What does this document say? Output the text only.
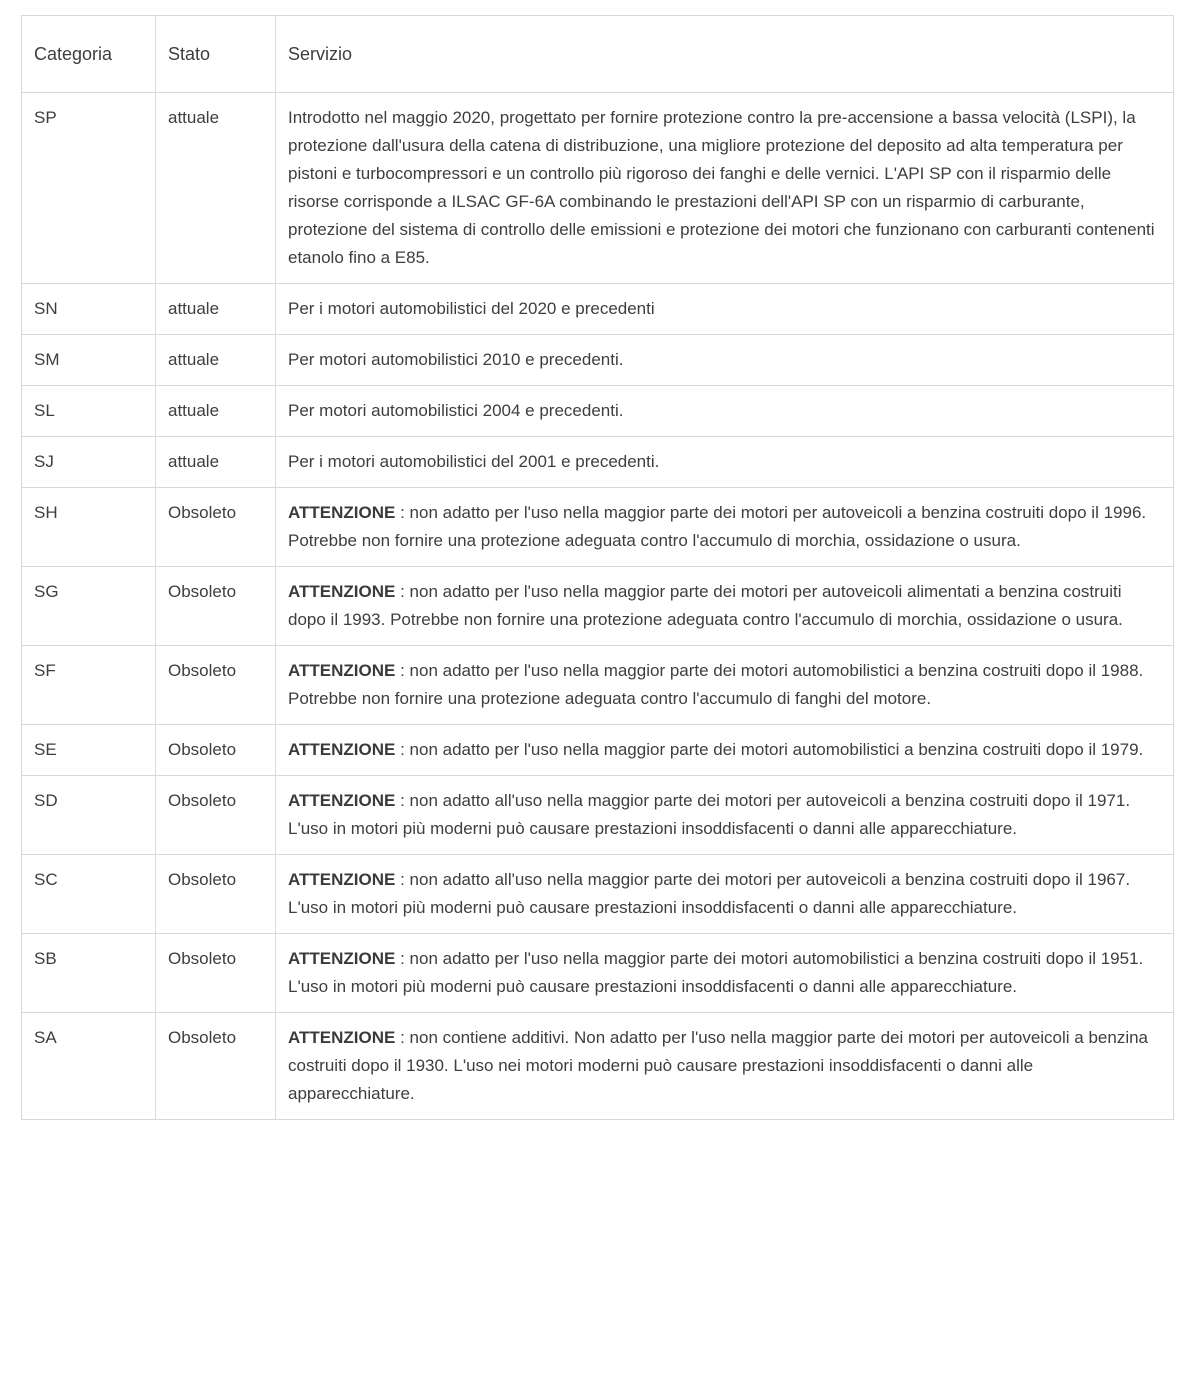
Categoria	Stato	Servizio
SP	attuale	Introdotto nel maggio 2020, progettato per fornire protezione contro la pre-accensione a bassa velocità (LSPI), la protezione dall'usura della catena di distribuzione, una migliore protezione del deposito ad alta temperatura per pistoni e turbocompressori e un controllo più rigoroso dei fanghi e delle vernici. L'API SP con il risparmio delle risorse corrisponde a ILSAC GF-6A combinando le prestazioni dell'API SP con un risparmio di carburante, protezione del sistema di controllo delle emissioni e protezione dei motori che funzionano con carburanti contenenti etanolo fino a E85.
SN	attuale	Per i motori automobilistici del 2020 e precedenti
SM	attuale	Per motori automobilistici 2010 e precedenti.
SL	attuale	Per motori automobilistici 2004 e precedenti.
SJ	attuale	Per i motori automobilistici del 2001 e precedenti.
SH	Obsoleto	ATTENZIONE : non adatto per l'uso nella maggior parte dei motori per autoveicoli a benzina costruiti dopo il 1996. Potrebbe non fornire una protezione adeguata contro l'accumulo di morchia, ossidazione o usura.
SG	Obsoleto	ATTENZIONE : non adatto per l'uso nella maggior parte dei motori per autoveicoli alimentati a benzina costruiti dopo il 1993. Potrebbe non fornire una protezione adeguata contro l'accumulo di morchia, ossidazione o usura.
SF	Obsoleto	ATTENZIONE : non adatto per l'uso nella maggior parte dei motori automobilistici a benzina costruiti dopo il 1988. Potrebbe non fornire una protezione adeguata contro l'accumulo di fanghi del motore.
SE	Obsoleto	ATTENZIONE : non adatto per l'uso nella maggior parte dei motori automobilistici a benzina costruiti dopo il 1979.
SD	Obsoleto	ATTENZIONE : non adatto all'uso nella maggior parte dei motori per autoveicoli a benzina costruiti dopo il 1971. L'uso in motori più moderni può causare prestazioni insoddisfacenti o danni alle apparecchiature.
SC	Obsoleto	ATTENZIONE : non adatto all'uso nella maggior parte dei motori per autoveicoli a benzina costruiti dopo il 1967. L'uso in motori più moderni può causare prestazioni insoddisfacenti o danni alle apparecchiature.
SB	Obsoleto	ATTENZIONE : non adatto per l'uso nella maggior parte dei motori automobilistici a benzina costruiti dopo il 1951. L'uso in motori più moderni può causare prestazioni insoddisfacenti o danni alle apparecchiature.
SA	Obsoleto	ATTENZIONE : non contiene additivi. Non adatto per l'uso nella maggior parte dei motori per autoveicoli a benzina costruiti dopo il 1930. L'uso nei motori moderni può causare prestazioni insoddisfacenti o danni alle apparecchiature.
